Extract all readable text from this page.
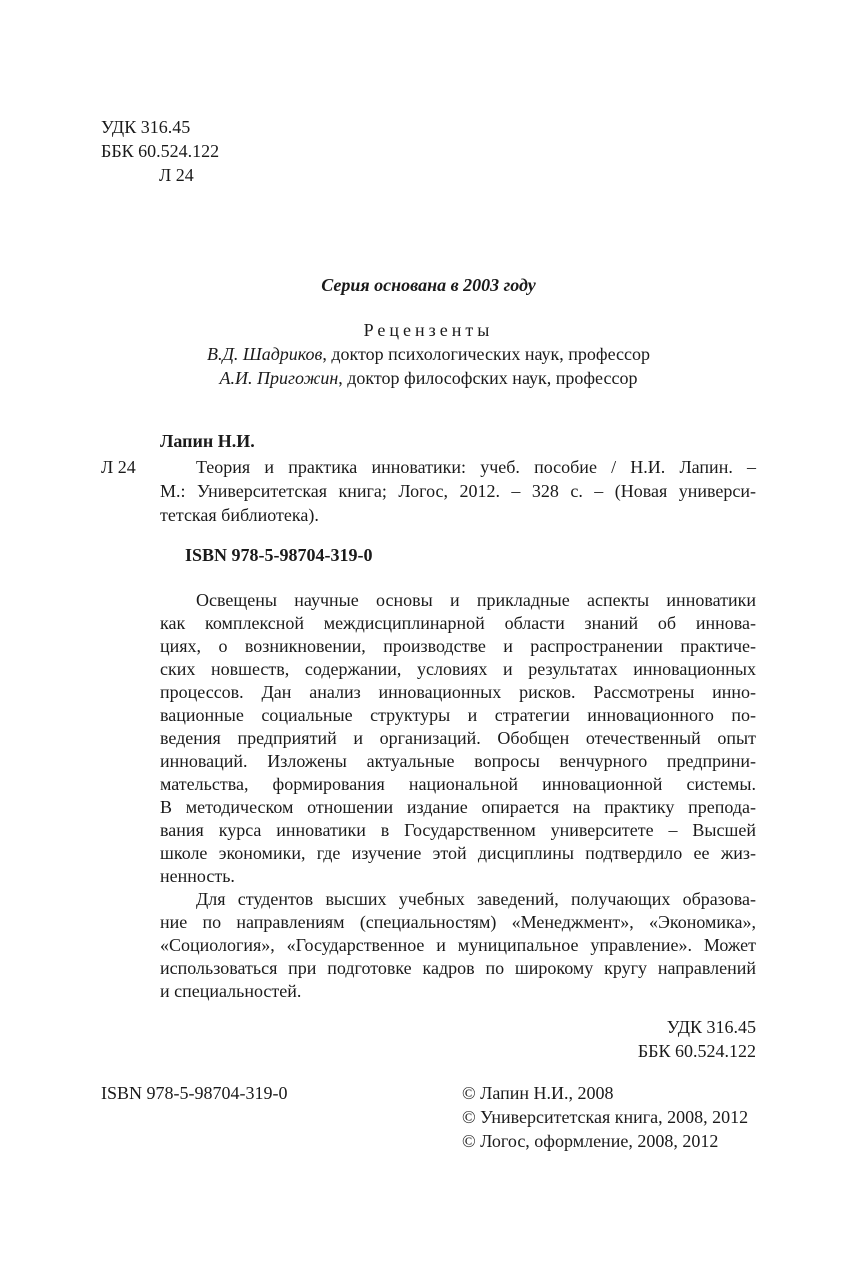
УДК 316.45
ББК 60.524.122
Л 24
Серия основана в 2003 году
Рецензенты
В.Д. Шадриков, доктор психологических наук, профессор
А.И. Пригожин, доктор философских наук, профессор
Лапин Н.И.
Л 24	Теория и практика инноватики: учеб. пособие / Н.И. Лапин. –

М.: Университетская книга; Логос, 2012. – 328 с. – (Новая универси-

тетская библиотека).

ISBN 978-5-98704-319-0

Освещены научные основы и прикладные аспекты инноватики

как комплексной междисциплинарной области знаний об иннова-

циях, о возникновении, производстве и распространении практиче-

ских новшеств, содержании, условиях и результатах инновационных

процессов. Дан анализ инновационных рисков. Рассмотрены инно-

вационные социальные структуры и стратегии инновационного по-

ведения предприятий и организаций. Обобщен отечественный опыт

инноваций. Изложены актуальные вопросы венчурного предприни-

мательства, формирования национальной инновационной системы.

В методическом отношении издание опирается на практику препода-

вания курса инноватики в Государственном университете – Высшей

школе экономики, где изучение этой дисциплины подтвердило ее жиз-

ненность.

Для студентов высших учебных заведений, получающих образова-

ние по направлениям (специальностям) «Менеджмент», «Экономика»,

«Социология», «Государственное и муниципальное управление». Может

использоваться при подготовке кадров по широкому кругу направлений

и специальностей.

УДК 316.45
ББК 60.524.122
ISBN 978-5-98704-319-0	© Лапин Н.И., 2008
© Университетская книга, 2008, 2012
© Логос, оформление, 2008, 2012
